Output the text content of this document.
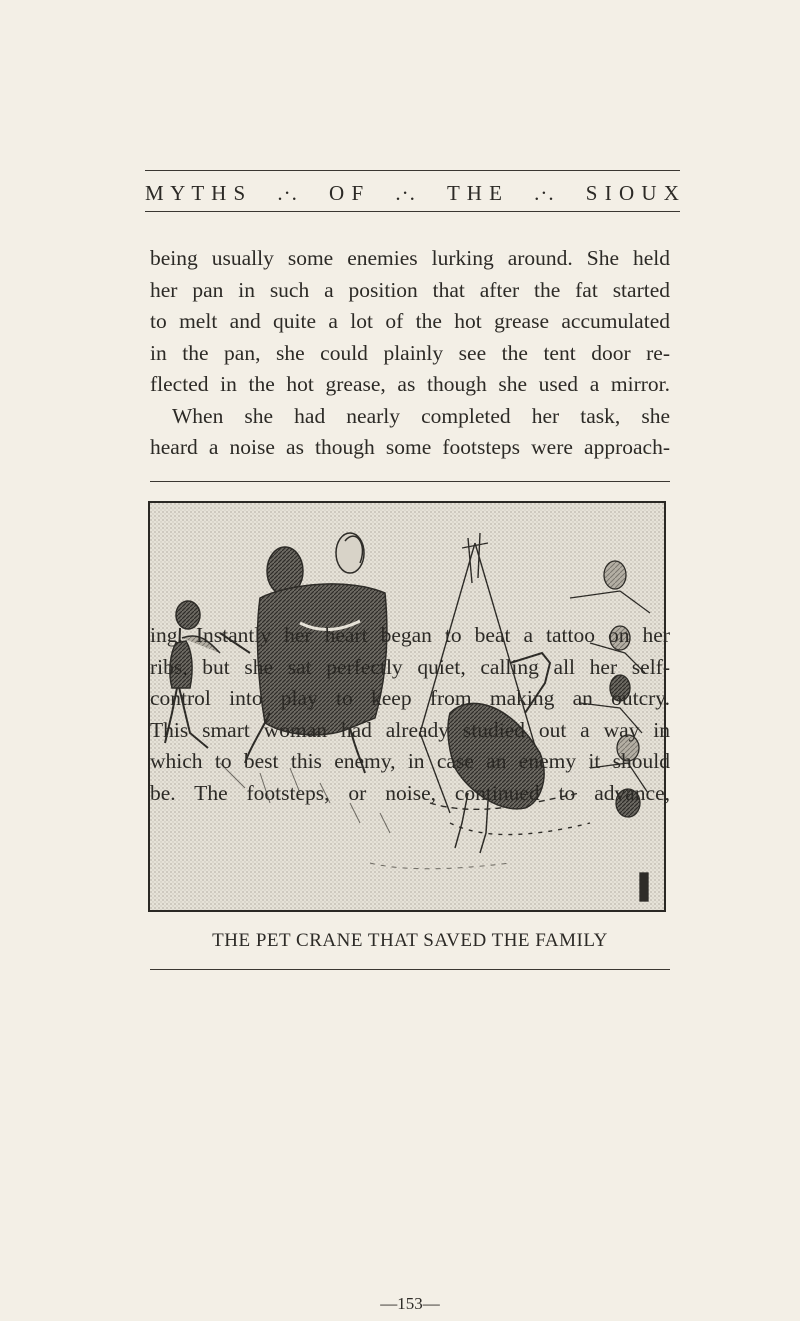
M Y T H S .·. O F .·. T H E .·. S I O U X
being usually some enemies lurking around. She held
her pan in such a position that after the fat started
to melt and quite a lot of the hot grease accumulated
in the pan, she could plainly see the tent door re-
flected in the hot grease, as though she used a mirror.
When she had nearly completed her task, she
heard a noise as though some footsteps were approach-
THE PET CRANE THAT SAVED THE FAMILY
ing. Instantly her heart began to beat a tattoo on her
ribs, but she sat perfectly quiet, calling all her self-
control into play to keep from making an outcry.
This smart woman had already studied out a way in
which to best this enemy, in case an enemy it should
be. The footsteps, or noise, continued to advance,
—153—
